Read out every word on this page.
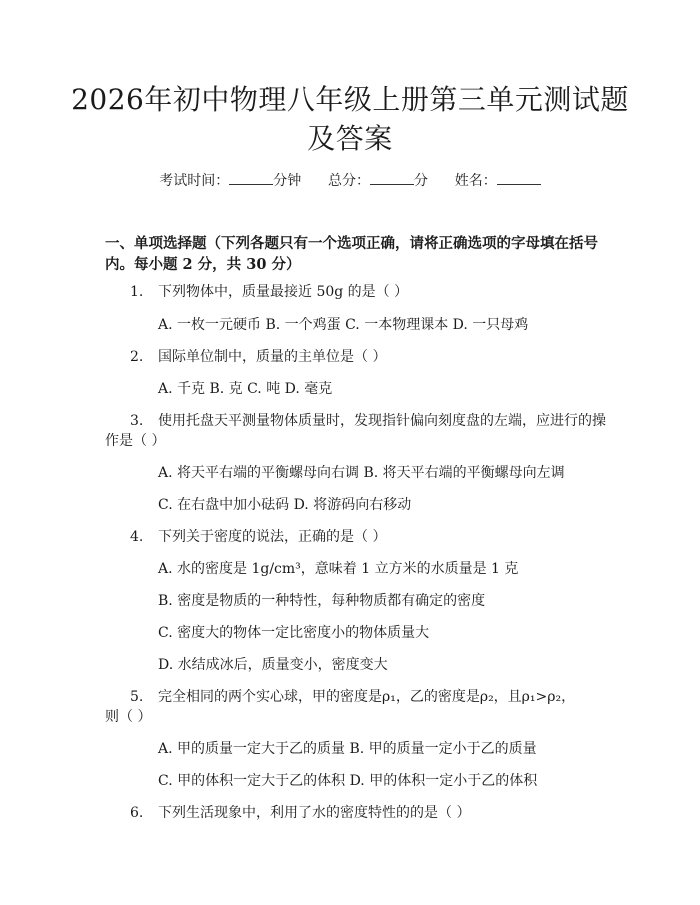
2026年初中物理八年级上册第三单元测试题
及答案
考试时间：	分钟 总分：	分 姓名：
一、单项选择题（下列各题只有一个选项正确，请将正确选项的字母填在括号
内。每小题 2 分，共 30 分）
1. 下列物体中，质量最接近 50g 的是（ ）
A. 一枚一元硬币 B. 一个鸡蛋 C. 一本物理课本 D. 一只母鸡
2. 国际单位制中，质量的主单位是（ ）
A. 千克 B. 克 C. 吨 D. 毫克
3. 使用托盘天平测量物体质量时，发现指针偏向刻度盘的左端，应进行的操
作是（ ）
A. 将天平右端的平衡螺母向右调 B. 将天平右端的平衡螺母向左调
C. 在右盘中加小砝码 D. 将游码向右移动
4. 下列关于密度的说法，正确的是（ ）
A. 水的密度是 1g/cm³，意味着 1 立方米的水质量是 1 克
B. 密度是物质的一种特性，每种物质都有确定的密度
C. 密度大的物体一定比密度小的物体质量大
D. 水结成冰后，质量变小，密度变大
5. 完全相同的两个实心球，甲的密度是ρ₁，乙的密度是ρ₂，且ρ₁>ρ₂，
则（ ）
A. 甲的质量一定大于乙的质量 B. 甲的质量一定小于乙的质量
C. 甲的体积一定大于乙的体积 D. 甲的体积一定小于乙的体积
6. 下列生活现象中，利用了水的密度特性的的是（ ）
